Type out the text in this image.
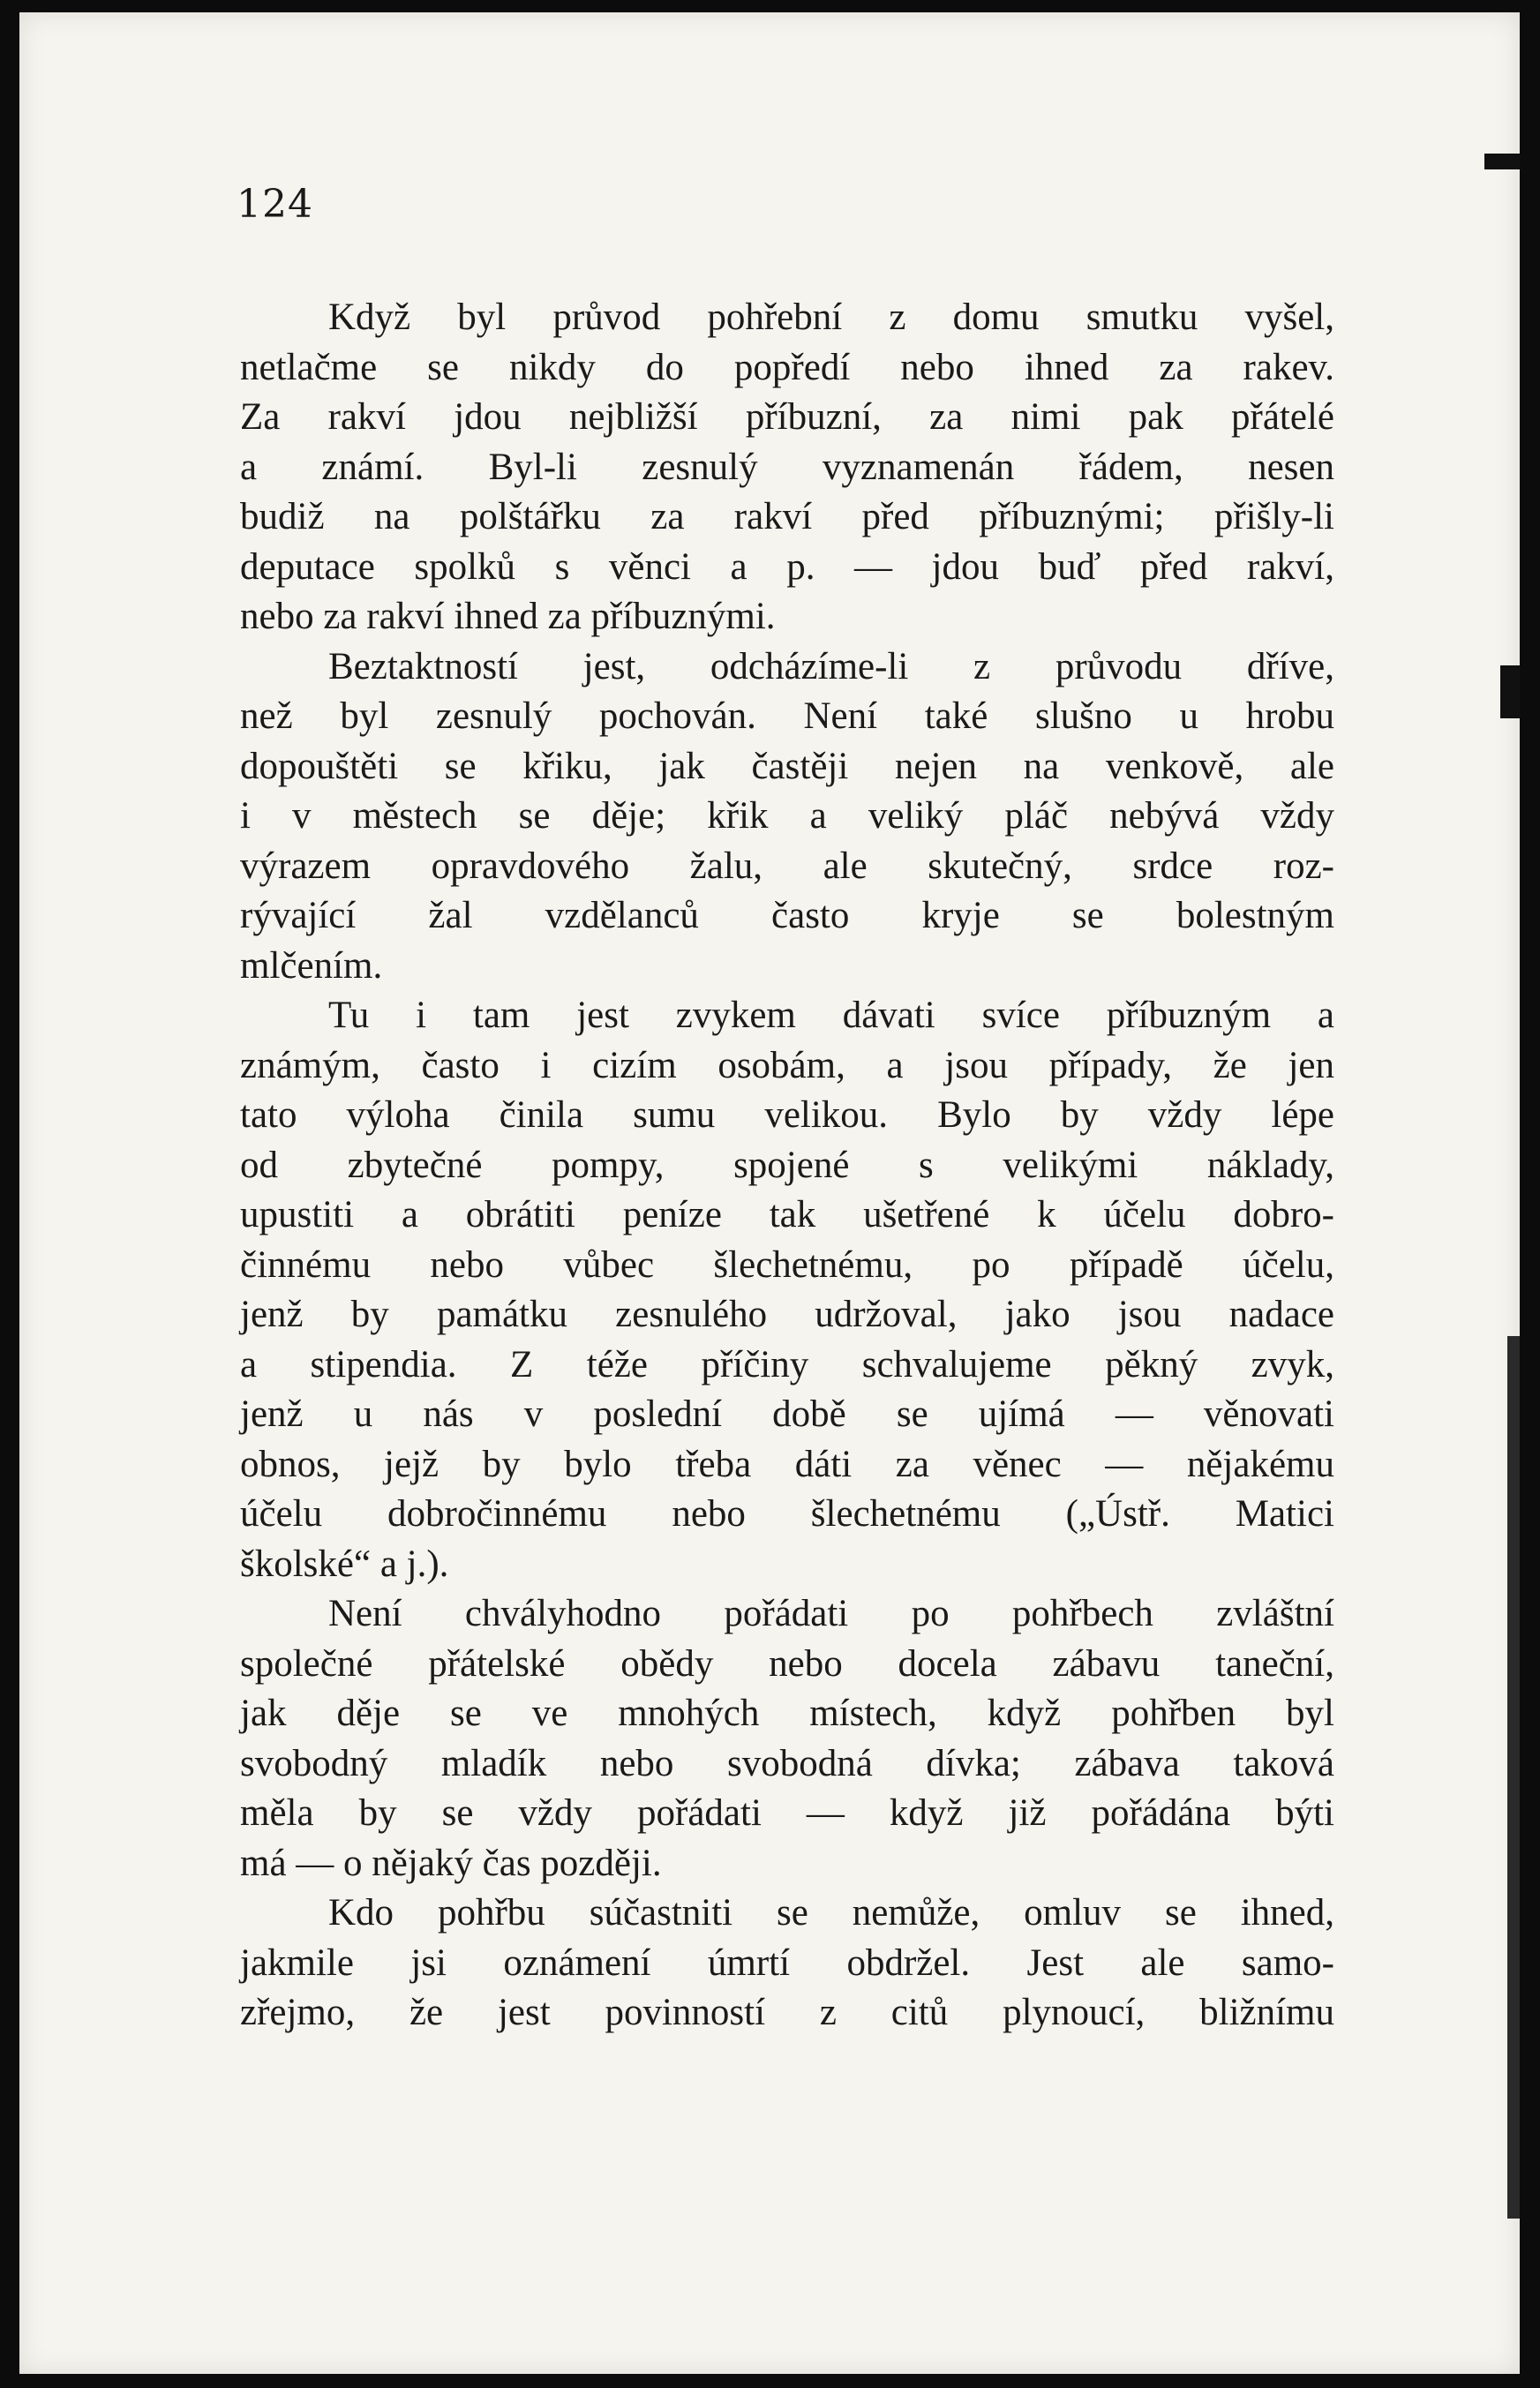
124

Když byl průvod pohřební z domu smutku vyšel,
netlačme se nikdy do popředí nebo ihned za rakev.
Za rakví jdou nejbližší příbuzní, za nimi pak přátelé
a známí. Byl-li zesnulý vyznamenán řádem, nesen
budiž na polštářku za rakví před příbuznými; přišly-li
deputace spolků s věnci a p. — jdou buď před rakví,
nebo za rakví ihned za příbuznými.

Beztaktností jest, odcházíme-li z průvodu dříve,
než byl zesnulý pochován. Není také slušno u hrobu
dopouštěti se křiku, jak častěji nejen na venkově, ale
i v městech se děje; křik a veliký pláč nebývá vždy
výrazem opravdového žalu, ale skutečný, srdce roz-
rývající žal vzdělanců často kryje se bolestným
mlčením.

Tu i tam jest zvykem dávati svíce příbuzným a
známým, často i cizím osobám, a jsou případy, že jen
tato výloha činila sumu velikou. Bylo by vždy lépe
od zbytečné pompy, spojené s velikými náklady,
upustiti a obrátiti peníze tak ušetřené k účelu dobro-
činnému nebo vůbec šlechetnému, po případě účelu,
jenž by památku zesnulého udržoval, jako jsou nadace
a stipendia. Z téže příčiny schvalujeme pěkný zvyk,
jenž u nás v poslední době se ujímá — věnovati
obnos, jejž by bylo třeba dáti za věnec — nějakému
účelu dobročinnému nebo šlechetnému („Ústř. Matici
školské“ a j.).

Není chvályhodno pořádati po pohřbech zvláštní
společné přátelské obědy nebo docela zábavu taneční,
jak děje se ve mnohých místech, když pohřben byl
svobodný mladík nebo svobodná dívka; zábava taková
měla by se vždy pořádati — když již pořádána býti
má — o nějaký čas později.

Kdo pohřbu súčastniti se nemůže, omluv se ihned,
jakmile jsi oznámení úmrtí obdržel. Jest ale samo-
zřejmo, že jest povinností z citů plynoucí, bližnímu
